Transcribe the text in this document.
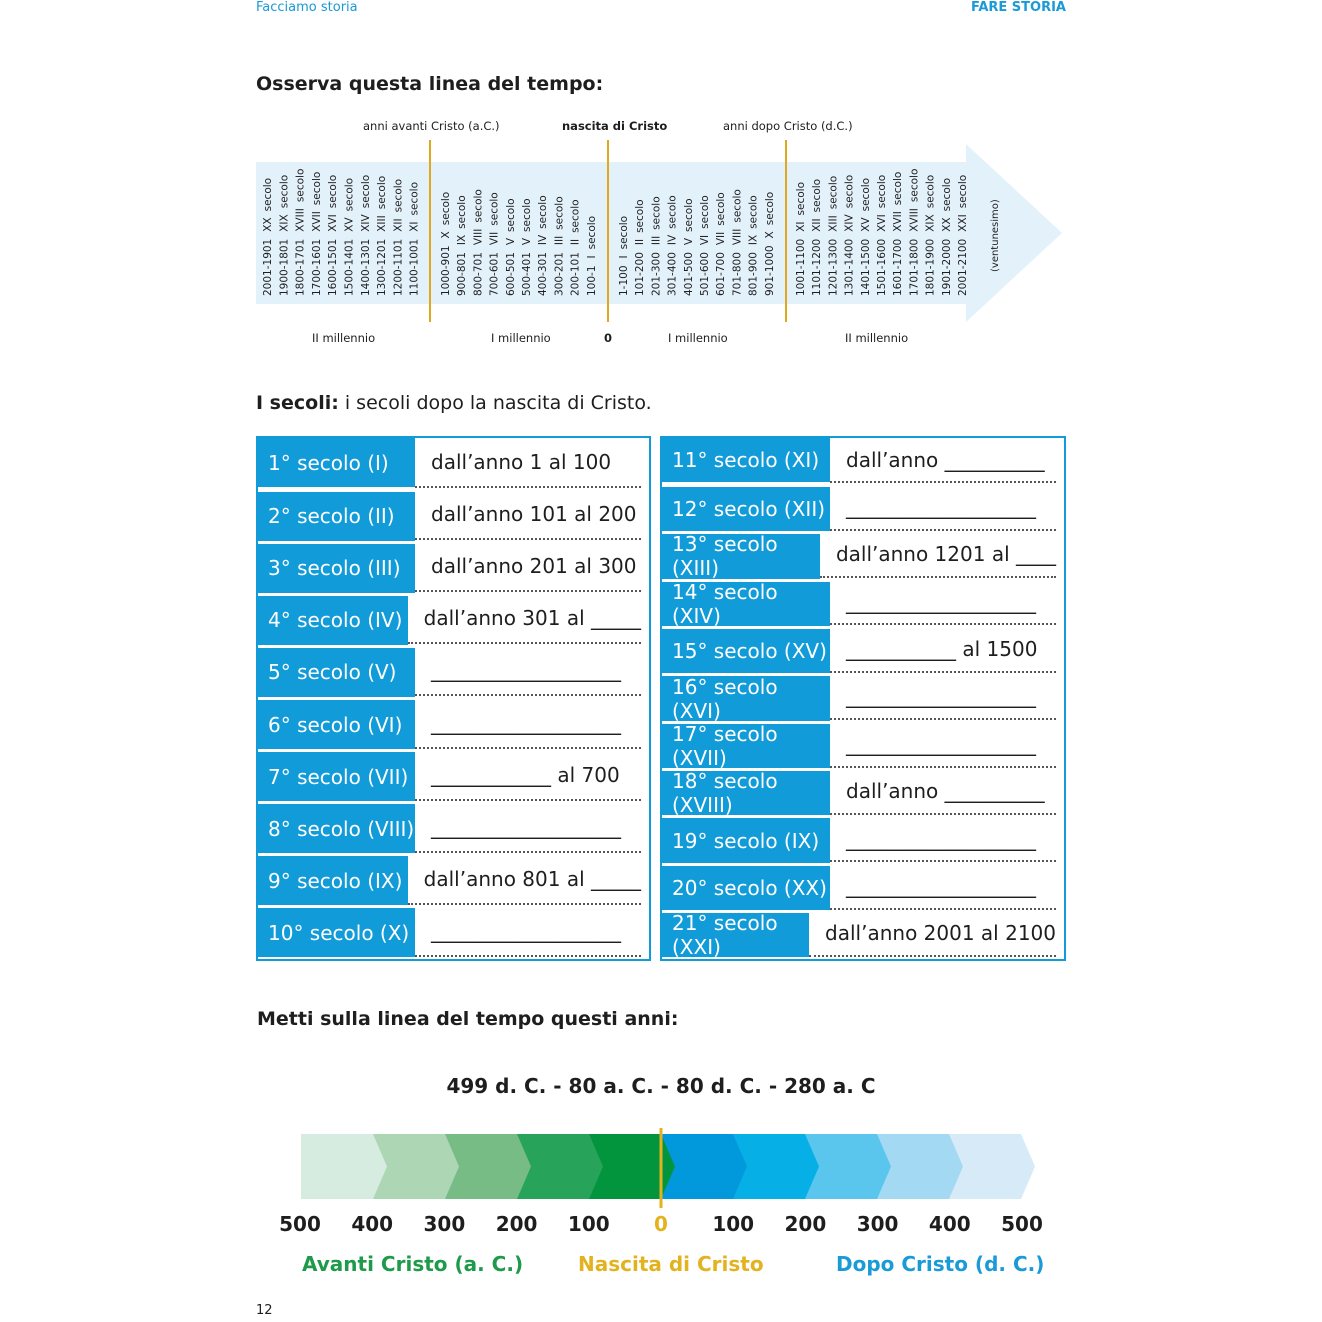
Facciamo storia	FARE STORIA
Osserva questa linea del tempo:
anni avanti Cristo (a.C.)	nascita di Cristo	anni dopo Cristo (d.C.)
2001-1901XXsecolo
1900-1801XIXsecolo
1800-1701XVIIIsecolo
1700-1601XVIIsecolo
1600-1501XVIsecolo
1500-1401XVsecolo
1400-1301XIVsecolo
1300-1201XIIIsecolo
1200-1101XIIsecolo
1100-1001XIsecolo
1000-901Xsecolo
900-801IXsecolo
800-701VIIIsecolo
700-601VIIsecolo
600-501Vsecolo
500-401Vsecolo
400-301IVsecolo
300-201IIIsecolo
200-101IIsecolo
100-1Isecolo
1-100Isecolo
101-200IIsecolo
201-300IIIsecolo
301-400IVsecolo
401-500Vsecolo
501-600VIsecolo
601-700VIIsecolo
701-800VIIIsecolo
801-900IXsecolo
901-1000Xsecolo
1001-1100XIsecolo
1101-1200XIIsecolo
1201-1300XIIIsecolo
1301-1400XIVsecolo
1401-1500XVsecolo
1501-1600XVIsecolo
1601-1700XVIIsecolo
1701-1800XVIIIsecolo
1801-1900XIXsecolo
1901-2000XXsecolo
2001-2100XXIsecolo
(ventunesimo)
II millennio	I millennio	0	I millennio	II millennio
I secoli: i secoli dopo la nascita di Cristo.
1° secolo (I)	dall’anno 1 al 100
2° secolo (II)	dall’anno 101 al 200
3° secolo (III)	dall’anno 201 al 300
4° secolo (IV)	dall’anno 301 al _____
5° secolo (V)	___________________
6° secolo (VI)	___________________
7° secolo (VII)	____________ al 700
8° secolo (VIII) ___________________
9° secolo (IX)	dall’anno 801 al _____
10° secolo (X)	___________________
11° secolo (XI)	dall’anno __________
12° secolo (XII)	___________________
13° secolo (XIII)
dall’anno 1201 al ____
14° secolo (XIV)
___________________
15° secolo (XV) ___________ al 1500
16° secolo (XVI)
___________________
17° secolo (XVII)
___________________
18° secolo (XVIII)
dall’anno __________
19° secolo (IX)	___________________
20° secolo (XX) ___________________
21° secolo (XXI)
dall’anno 2001 al 2100
Metti sulla linea del tempo questi anni:
499 d. C. - 80 a. C. - 80 d. C. - 280 a. C
500	400	300	200	100	0	100	200	300	400	500
Avanti Cristo (a. C.)	Nascita di Cristo	Dopo Cristo (d. C.)
12
